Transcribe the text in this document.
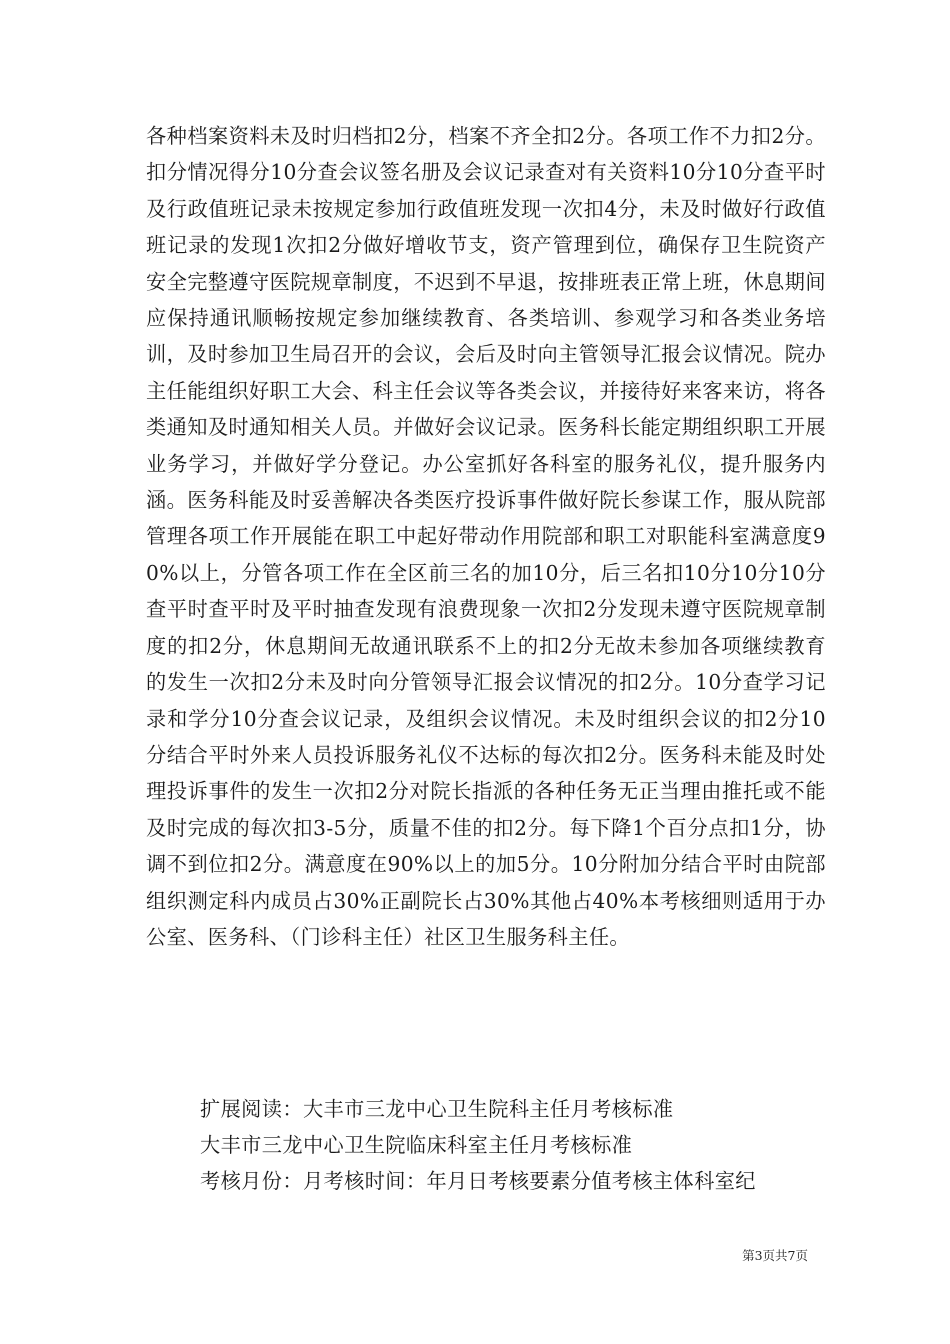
各种档案资料未及时归档扣2分，档案不齐全扣2分。各项工作不力扣2分。扣分情况得分10分查会议签名册及会议记录查对有关资料10分10分查平时及行政值班记录未按规定参加行政值班发现一次扣4分，未及时做好行政值班记录的发现1次扣2分做好增收节支，资产管理到位，确保存卫生院资产安全完整遵守医院规章制度，不迟到不早退，按排班表正常上班，休息期间应保持通讯顺畅按规定参加继续教育、各类培训、参观学习和各类业务培训，及时参加卫生局召开的会议，会后及时向主管领导汇报会议情况。院办主任能组织好职工大会、科主任会议等各类会议，并接待好来客来访，将各类通知及时通知相关人员。并做好会议记录。医务科长能定期组织职工开展业务学习，并做好学分登记。办公室抓好各科室的服务礼仪，提升服务内涵。医务科能及时妥善解决各类医疗投诉事件做好院长参谋工作，服从院部管理各项工作开展能在职工中起好带动作用院部和职工对职能科室满意度90%以上，分管各项工作在全区前三名的加10分，后三名扣10分10分10分查平时查平时及平时抽查发现有浪费现象一次扣2分发现未遵守医院规章制度的扣2分，休息期间无故通讯联系不上的扣2分无故未参加各项继续教育的发生一次扣2分未及时向分管领导汇报会议情况的扣2分。10分查学习记录和学分10分查会议记录，及组织会议情况。未及时组织会议的扣2分10分结合平时外来人员投诉服务礼仪不达标的每次扣2分。医务科未能及时处理投诉事件的发生一次扣2分对院长指派的各种任务无正当理由推托或不能及时完成的每次扣3-5分，质量不佳的扣2分。每下降1个百分点扣1分，协调不到位扣2分。满意度在90%以上的加5分。10分附加分结合平时由院部组织测定科内成员占30%正副院长占30%其他占40%本考核细则适用于办公室、医务科、（门诊科主任）社区卫生服务科主任。

扩展阅读：大丰市三龙中心卫生院科主任月考核标准

大丰市三龙中心卫生院临床科室主任月考核标准

考核月份：月考核时间：年月日考核要素分值考核主体科室纪

第3页共7页
